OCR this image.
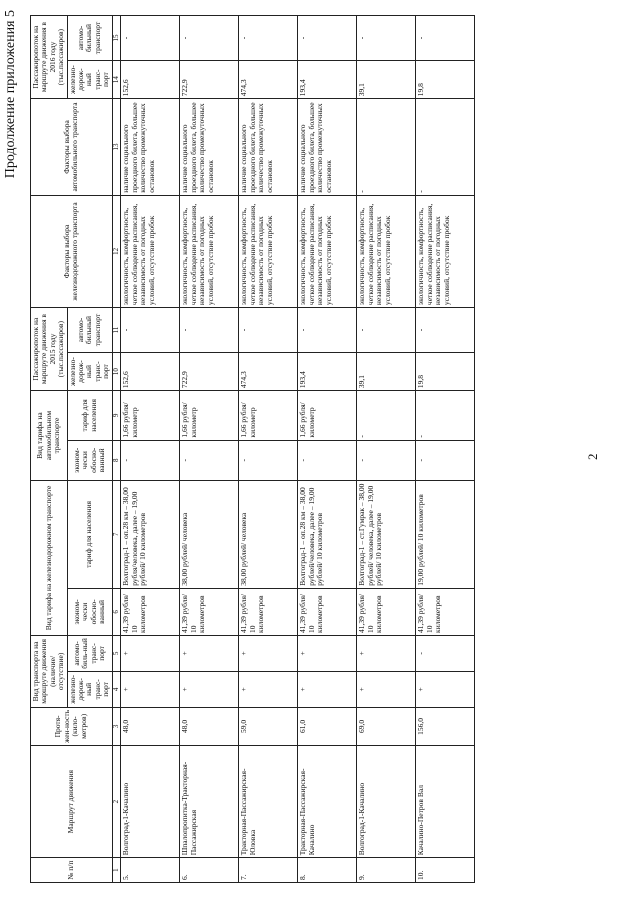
Продолжение приложения 5
2
№ п/п	Маршрут движения	Протя-жен-ность (кило-метров)	Вид транспорта на маршруте движения (наличие/отсутствие)		Вид тарифа на железнодорожном транспорте		Вид тарифа на автомобильном транспорте		Пассажиропоток на маршруте движения в 2015 году (тыс.пассажиров)		Факторы выбора железнодорожного транспорта	Факторы выбора автомобильного транспорта	Пассажиропоток на маршруте движения в 2016 году (тыс.пассажиров)	
			железно-дорож-ный транс-порт	автомо-биль-ный транс-порт	эконом-чески обосно-ванный	тариф для населения	эконом-чески обосно-ванный	тариф для населения	железно-дорож-ный транс-порт	автомо-бильный транспорт			железно-дорож-ный транс-порт	автомо-бильный транспорт
1	2	3	4	5	6	7	8	9	10	11	12	13	14	15
5.	Волгоград-1-Качалино	48,0	+	+	41,39 рубля/ 10 километров	Волгоград-1 – оп.28 км – 38,00 рубля/человека, далее – 19,00 рублей/ 10 километров	-	1,66 рубля/ километр	152,6	-	экологичность, комфортность, четкое соблюдение расписания, независимость от погодных условий, отсутствие пробок	наличие социального проездного билета, большее количество промежуточных остановок	152,6	-
6.	Шпалопропитка-Тракторная-Пассажирская	48,0	+	+	41,39 рубля/ 10 километров	38,00 рублей/ человека	-	1,66 рубля/ километр	722,9	-	экологичность, комфортность, четкое соблюдение расписания, независимость от погодных условий, отсутствие пробок	наличие социального проездного билета, большее количество промежуточных остановок	722,9	-
7.	Тракторная-Пассажирская-Юловка	59,0	+	+	41,39 рубля/ 10 километров	38,00 рублей/ человека	-	1,66 рубля/ километр	474,3	-	экологичность, комфортность, четкое соблюдение расписания, независимость от погодных условий, отсутствие пробок	наличие социального проездного билета, большее количество промежуточных остановок	474,3	-
8.	Тракторная-Пассажирская-Качалино	61,0	+	+	41,39 рубля/ 10 километров	Волгоград-1 – оп.28 км – 38,00 рублей/человека, далее – 19,00 рублей/ 10 километров	-	1,66 рубля/ километр	193,4	-	экологичность, комфортность, четкое соблюдение расписания, независимость от погодных условий, отсутствие пробок	наличие социального проездного билета, большее количество промежуточных остановок	193,4	-
9.	Волгоград-1-Качалино	69,0	+	+	41,39 рубля/ 10 километров	Волгоград-1 – ст.Гумрак – 38,00 рублей/ человека, далее – 19,00 рублей/ 10 километров	-	-	39,1	-	экологичность, комфортность, четкое соблюдение расписания, независимость от погодных условий, отсутствие пробок	-	39,1	-
10.	Качалино-Петров Вал	156,0	+	-	41,39 рубля/ 10 километров	19,00 рублей/ 10 километров	-	-	19,8	-	экологичность, комфортность, четкое соблюдение расписания, независимость от погодных условий, отсутствие пробок	-	19,8	-
